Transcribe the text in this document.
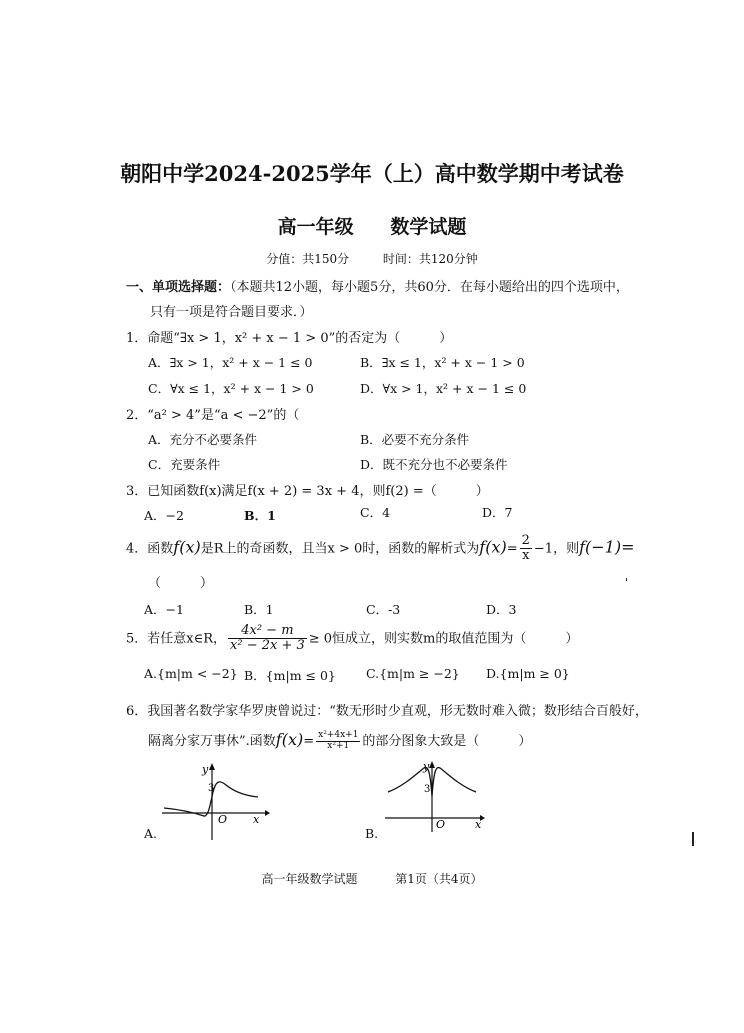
朝阳中学2024-2025学年（上）高中数学期中考试卷
高一年级 数学试题
分值：共150分	时间：共120分钟
一、单项选择题：（本题共12小题，每小题5分，共60分．在每小题给出的四个选项中，
只有一项是符合题目要求．）
1．命题“∃x > 1，x² + x − 1 > 0”的否定为（　　　）
A．∃x > 1，x² + x − 1 ≤ 0	B．∃x ≤ 1，x² + x − 1 > 0
C．∀x ≤ 1，x² + x − 1 > 0	D．∀x > 1，x² + x − 1 ≤ 0
2．“a² > 4”是“a < −2”的（
A．充分不必要条件	B．必要不充分条件
C．充要条件	D．既不充分也不必要条件
3．已知函数f(x)满足f(x + 2) = 3x + 4，则f(2) =（　　　）
A．−2	B．1	C．4	D．7
4．函数f(x)是R上的奇函数，且当x > 0时，函数的解析式为$f(x)= \frac{2}{x} -1$，则f(−1)=
（　　　）
A．−1	B．1	C．-3	D．3
5．若任意x∈R， $\frac{\text{4x² − m}}{\text{x² − 2x + 3}} \ge 0$恒成立，则实数m的取值范围为（　　　）
A.{m|m < −2} B．{m|m ≤ 0} C.{m|m ≥ −2} D.{m|m ≥ 0}
6．我国著名数学家华罗庚曾说过：“数无形时少直观，形无数时难入微；数形结合百般好，
隔离分家万事休”.函数$f(x)= \frac{\text{x²+4x+1}}{\text{x²+1}}$ 的部分图象大致是（　　　）
y
3
O x
A.
y
3
O	x
B.
高一年级数学试题	第1页（共4页）
